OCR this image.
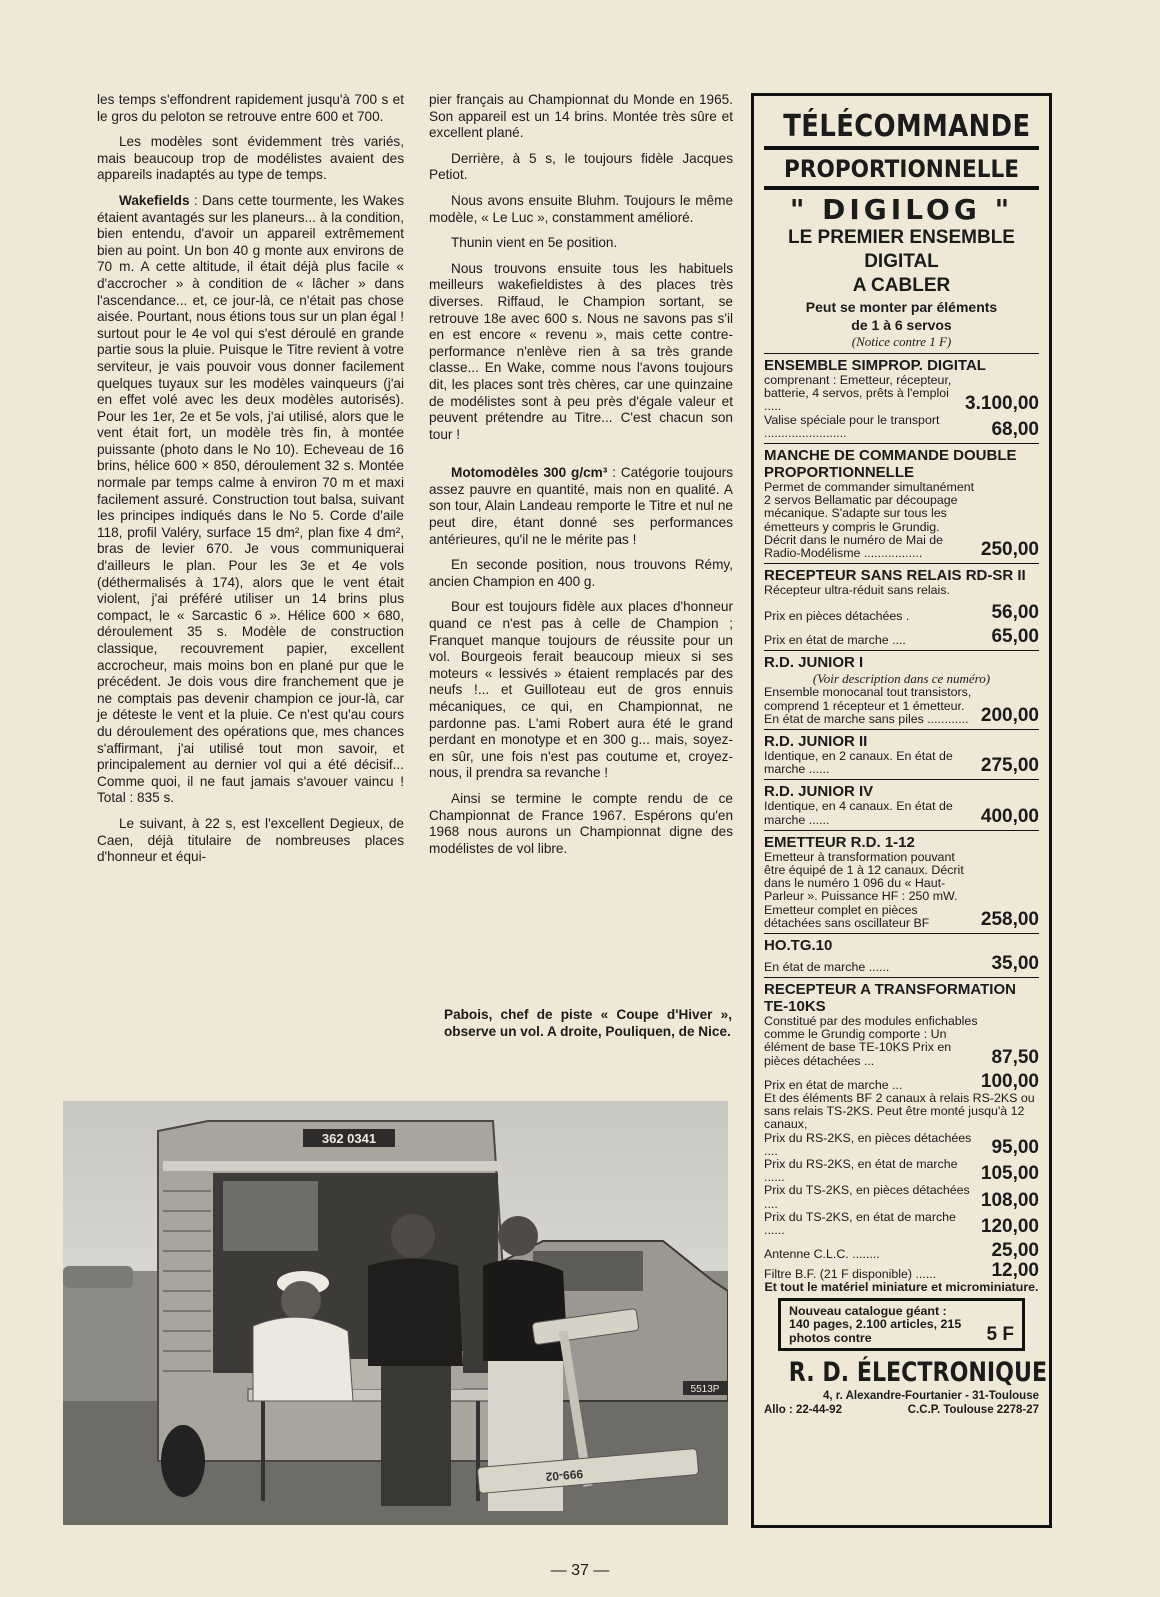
les temps s'effondrent rapidement jusqu'à 700 s et le gros du peloton se retrouve entre 600 et 700.

Les modèles sont évidemment très variés, mais beaucoup trop de modélistes avaient des appareils inadaptés au type de temps.

Wakefields : Dans cette tourmente, les Wakes étaient avantagés sur les planeurs... à la condition, bien entendu, d'avoir un appareil extrêmement bien au point. Un bon 40 g monte aux environs de 70 m. A cette altitude, il était déjà plus facile « d'accrocher » à condition de « lâcher » dans l'ascendance... et, ce jour-là, ce n'était pas chose aisée. Pourtant, nous étions tous sur un plan égal ! surtout pour le 4e vol qui s'est déroulé en grande partie sous la pluie. Puisque le Titre revient à votre serviteur, je vais pouvoir vous donner facilement quelques tuyaux sur les modèles vainqueurs (j'ai en effet volé avec les deux modèles autorisés). Pour les 1er, 2e et 5e vols, j'ai utilisé, alors que le vent était fort, un modèle très fin, à montée puissante (photo dans le No 10). Echeveau de 16 brins, hélice 600 × 850, déroulement 32 s. Montée normale par temps calme à environ 70 m et maxi facilement assuré. Construction tout balsa, suivant les principes indiqués dans le No 5. Corde d'aile 118, profil Valéry, surface 15 dm², plan fixe 4 dm², bras de levier 670. Je vous communiquerai d'ailleurs le plan. Pour les 3e et 4e vols (déthermalisés à 174), alors que le vent était violent, j'ai préféré utiliser un 14 brins plus compact, le « Sarcastic 6 ». Hélice 600 × 680, déroulement 35 s. Modèle de construction classique, recouvrement papier, excellent accrocheur, mais moins bon en plané pur que le précédent. Je dois vous dire franchement que je ne comptais pas devenir champion ce jour-là, car je déteste le vent et la pluie. Ce n'est qu'au cours du déroulement des opérations que, mes chances s'affirmant, j'ai utilisé tout mon savoir, et principalement au dernier vol qui a été décisif... Comme quoi, il ne faut jamais s'avouer vaincu ! Total : 835 s.

Le suivant, à 22 s, est l'excellent Degieux, de Caen, déjà titulaire de nombreuses places d'honneur et équi-

pier français au Championnat du Monde en 1965. Son appareil est un 14 brins. Montée très sûre et excellent plané.

Derrière, à 5 s, le toujours fidèle Jacques Petiot.

Nous avons ensuite Bluhm. Toujours le même modèle, « Le Luc », constamment amélioré.

Thunin vient en 5e position.

Nous trouvons ensuite tous les habituels meilleurs wakefieldistes à des places très diverses. Riffaud, le Champion sortant, se retrouve 18e avec 600 s. Nous ne savons pas s'il en est encore « revenu », mais cette contre-performance n'enlève rien à sa très grande classe... En Wake, comme nous l'avons toujours dit, les places sont très chères, car une quinzaine de modélistes sont à peu près d'égale valeur et peuvent prétendre au Titre... C'est chacun son tour !

Motomodèles 300 g/cm³ : Catégorie toujours assez pauvre en quantité, mais non en qualité. A son tour, Alain Landeau remporte le Titre et nul ne peut dire, étant donné ses performances antérieures, qu'il ne le mérite pas !

En seconde position, nous trouvons Rémy, ancien Champion en 400 g.

Bour est toujours fidèle aux places d'honneur quand ce n'est pas à celle de Champion ; Franquet manque toujours de réussite pour un vol. Bourgeois ferait beaucoup mieux si ses moteurs « lessivés » étaient remplacés par des neufs !... et Guilloteau eut de gros ennuis mécaniques, ce qui, en Championnat, ne pardonne pas. L'ami Robert aura été le grand perdant en monotype et en 300 g... mais, soyez-en sûr, une fois n'est pas coutume et, croyez-nous, il prendra sa revanche !

Ainsi se termine le compte rendu de ce Championnat de France 1967. Espérons qu'en 1968 nous aurons un Championnat digne des modélistes de vol libre.

Pabois, chef de piste « Coupe d'Hiver », observe un vol. A droite, Pouliquen, de Nice.
362 0341
5513P
999-02
— 37 —
TÉLÉCOMMANDE
PROPORTIONNELLE
" DIGILOG "
LE PREMIER ENSEMBLE
DIGITAL
A CABLER
Peut se monter par éléments
de 1 à 6 servos
(Notice contre 1 F)
ENSEMBLE SIMPROP. DIGITAL
comprenant : Emetteur, récepteur, batterie, 4 servos, prêts à l'emploi .....	3.100,00
Valise spéciale pour le transport ........................	68,00
MANCHE DE COMMANDE DOUBLE PROPORTIONNELLE
Permet de commander simultanément 2 servos Bellamatic par découpage mécanique. S'adapte sur tous les émetteurs y compris le Grundig. Décrit dans le numéro de Mai de Radio-Modélisme .................	250,00
RECEPTEUR SANS RELAIS RD-SR II
Récepteur ultra-réduit sans relais.
Prix en pièces détachées .	56,00
Prix en état de marche ....	65,00
R.D. JUNIOR I
(Voir description dans ce numéro)
Ensemble monocanal tout transistors, comprend 1 récepteur et 1 émetteur. En état de marche sans piles ............ 200,00
R.D. JUNIOR II
Identique, en 2 canaux. En état de marche ......	275,00
R.D. JUNIOR IV
Identique, en 4 canaux. En état de marche ......	400,00
EMETTEUR R.D. 1-12
Emetteur à transformation pouvant être équipé de 1 à 12 canaux. Décrit dans le numéro 1 096 du « Haut-Parleur ». Puissance HF : 250 mW. Emetteur complet en pièces détachées sans oscillateur BF	258,00
HO.TG.10
En état de marche ......	35,00
RECEPTEUR A TRANSFORMATION TE-10KS
Constitué par des modules enfichables comme le Grundig comporte : Un élément de base TE-10KS Prix en pièces détachées ...	87,50
Prix en état de marche ...	100,00
Et des éléments BF 2 canaux à relais RS-2KS ou sans relais TS-2KS. Peut être monté jusqu'à 12 canaux,
Prix du RS-2KS, en pièces détachées ....	95,00
Prix du RS-2KS, en état de marche ......	105,00
Prix du TS-2KS, en pièces détachées ....	108,00
Prix du TS-2KS, en état de marche ......	120,00
Antenne C.L.C. ........	25,00
Filtre B.F. (21 F disponible) ......	12,00
Et tout le matériel miniature et microminiature.
Nouveau catalogue géant :
140 pages, 2.100 articles, 215 photos contre	5 F
R. D. ÉLECTRONIQUE
4, r. Alexandre-Fourtanier - 31-Toulouse
Allo : 22-44-92	C.C.P. Toulouse 2278-27
